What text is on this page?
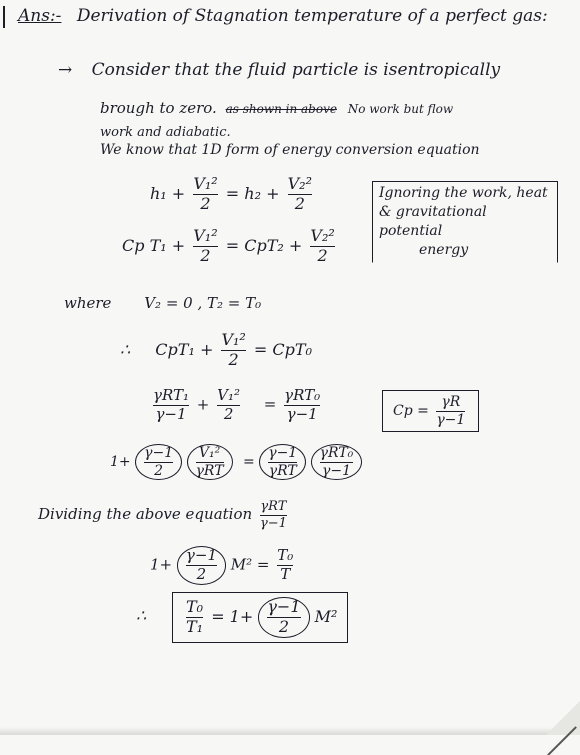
Ans:- Derivation of Stagnation temperature of a perfect gas:
→ Consider that the fluid particle is isentropically
brough to zero. as shown in above No work but flow
work and adiabatic.
We know that 1D form of energy conversion equation
$h_1 + \frac{\text{V₁²}}{2} = h_2 + \frac{\text{V₂²}}{2}$	Ignoring the work, heat
& gravitational potential
energy
Cp $T_1 + \frac{\text{V₁²}}{2} = CpT_2 + \frac{\text{V₂²}}{2}$
where V₂ = 0 , T₂ = T₀
∴ $CpT_1 + \frac{\text{V₁²}}{2} = CpT_0$
$\frac{\text{γRT₁}}{\gamma-1} + \frac{\text{V₁²}}{2} = \frac{\text{γRT₀}}{\gamma-1}$	$Cp = \frac{\gamma R}{\gamma-1}$
$1+ \frac{\gamma-1}{2}$
$\frac{\text{V₁²}}{\text{γRT}} = \frac{\gamma-1}{\text{γRT}}$
$\frac{\text{γRT₀}}{\gamma-1}$
Dividing the above equation $\frac{\text{γRT}}{\gamma-1}$
$1+ \frac{\gamma-1}{2} M^2 = \frac{\text{T₀}}{T}$
∴ $\frac{\text{T₀}}{\text{T₁}} = 1+ \frac{\gamma-1}{2} M^2$
